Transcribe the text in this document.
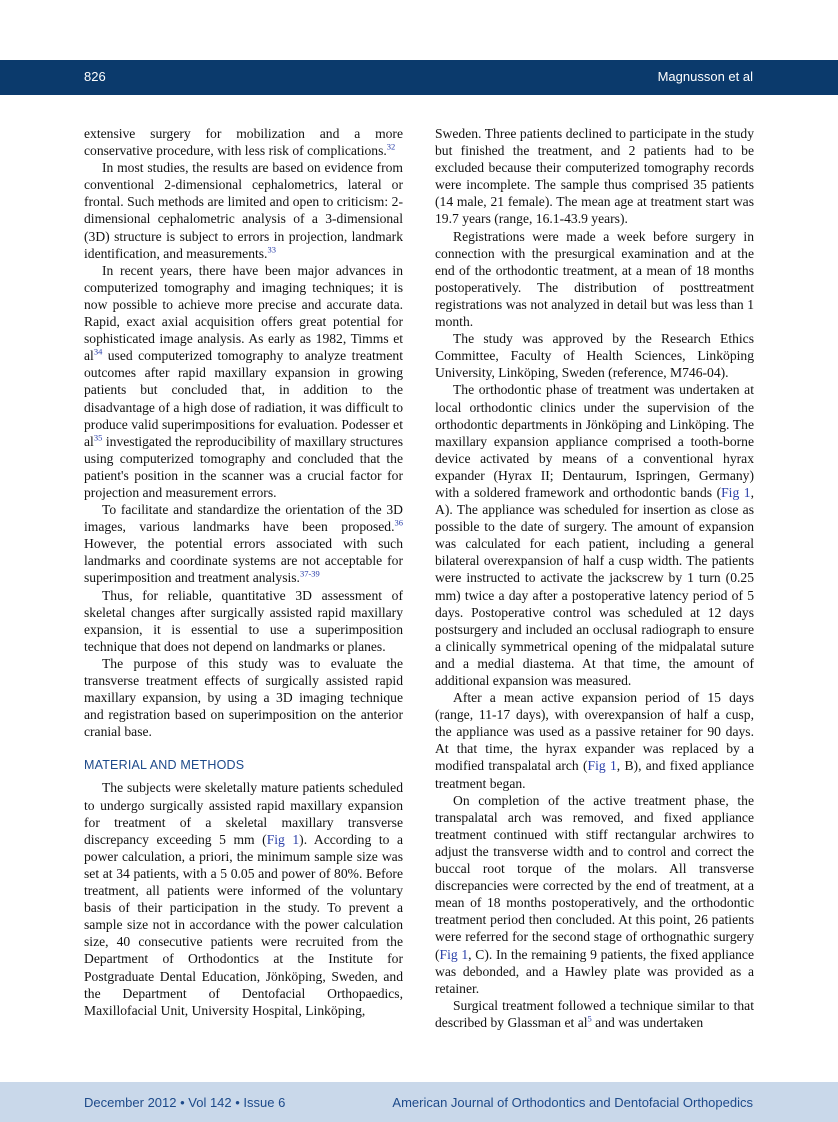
826	Magnusson et al

extensive surgery for mobilization and a more conservative procedure, with less risk of complications.$^{32}$

In most studies, the results are based on evidence from conventional 2-dimensional cephalometrics, lateral or frontal. Such methods are limited and open to criticism: 2-dimensional cephalometric analysis of a 3-dimensional (3D) structure is subject to errors in projection, landmark identification, and measurements.$^{33}$

In recent years, there have been major advances in computerized tomography and imaging techniques; it is now possible to achieve more precise and accurate data. Rapid, exact axial acquisition offers great potential for sophisticated image analysis. As early as 1982, Timms et $al^{34}$ used computerized tomography to analyze treatment outcomes after rapid maxillary expansion in growing patients but concluded that, in addition to the disadvantage of a high dose of radiation, it was difficult to produce valid superimpositions for evaluation. Podesser et $al^{35}$ investigated the reproducibility of maxillary structures using computerized tomography and concluded that the patient's position in the scanner was a crucial factor for projection and measurement errors.

To facilitate and standardize the orientation of the 3D images, various landmarks have been proposed.$^{36}$ However, the potential errors associated with such landmarks and coordinate systems are not acceptable for superimposition and treatment analysis.$^{37-39}$

Thus, for reliable, quantitative 3D assessment of skeletal changes after surgically assisted rapid maxillary expansion, it is essential to use a superimposition technique that does not depend on landmarks or planes.

The purpose of this study was to evaluate the transverse treatment effects of surgically assisted rapid maxillary expansion, by using a 3D imaging technique and registration based on superimposition on the anterior cranial base.

MATERIAL AND METHODS

The subjects were skeletally mature patients scheduled to undergo surgically assisted rapid maxillary expansion for treatment of a skeletal maxillary transverse discrepancy exceeding 5 mm (Fig 1). According to a power calculation, a priori, the minimum sample size was set at 34 patients, with a 5 0.05 and power of 80%. Before treatment, all patients were informed of the voluntary basis of their participation in the study. To prevent a sample size not in accordance with the power calculation size, 40 consecutive patients were recruited from the Department of Orthodontics at the Institute for Postgraduate Dental Education, Jönköping, Sweden, and the Department of Dentofacial Orthopaedics, Maxillofacial Unit, University Hospital, Linköping,

Sweden. Three patients declined to participate in the study but finished the treatment, and 2 patients had to be excluded because their computerized tomography records were incomplete. The sample thus comprised 35 patients (14 male, 21 female). The mean age at treatment start was 19.7 years (range, 16.1-43.9 years).

Registrations were made a week before surgery in connection with the presurgical examination and at the end of the orthodontic treatment, at a mean of 18 months postoperatively. The distribution of posttreatment registrations was not analyzed in detail but was less than 1 month.

The study was approved by the Research Ethics Committee, Faculty of Health Sciences, Linköping University, Linköping, Sweden (reference, M746-04).

The orthodontic phase of treatment was undertaken at local orthodontic clinics under the supervision of the orthodontic departments in Jönköping and Linköping. The maxillary expansion appliance comprised a tooth-borne device activated by means of a conventional hyrax expander (Hyrax II; Dentaurum, Ispringen, Germany) with a soldered framework and orthodontic bands (Fig 1, A). The appliance was scheduled for insertion as close as possible to the date of surgery. The amount of expansion was calculated for each patient, including a general bilateral overexpansion of half a cusp width. The patients were instructed to activate the jackscrew by 1 turn (0.25 mm) twice a day after a postoperative latency period of 5 days. Postoperative control was scheduled at 12 days postsurgery and included an occlusal radiograph to ensure a clinically symmetrical opening of the midpalatal suture and a medial diastema. At that time, the amount of additional expansion was measured.

After a mean active expansion period of 15 days (range, 11-17 days), with overexpansion of half a cusp, the appliance was used as a passive retainer for 90 days. At that time, the hyrax expander was replaced by a modified transpalatal arch (Fig 1, B), and fixed appliance treatment began.

On completion of the active treatment phase, the transpalatal arch was removed, and fixed appliance treatment continued with stiff rectangular archwires to adjust the transverse width and to control and correct the buccal root torque of the molars. All transverse discrepancies were corrected by the end of treatment, at a mean of 18 months postoperatively, and the orthodontic treatment period then concluded. At this point, 26 patients were referred for the second stage of orthognathic surgery (Fig 1, C). In the remaining 9 patients, the fixed appliance was debonded, and a Hawley plate was provided as a retainer.

Surgical treatment followed a technique similar to that described by Glassman et $al^5$ and was undertaken

December 2012 • Vol 142 • Issue 6	American Journal of Orthodontics and Dentofacial Orthopedics
